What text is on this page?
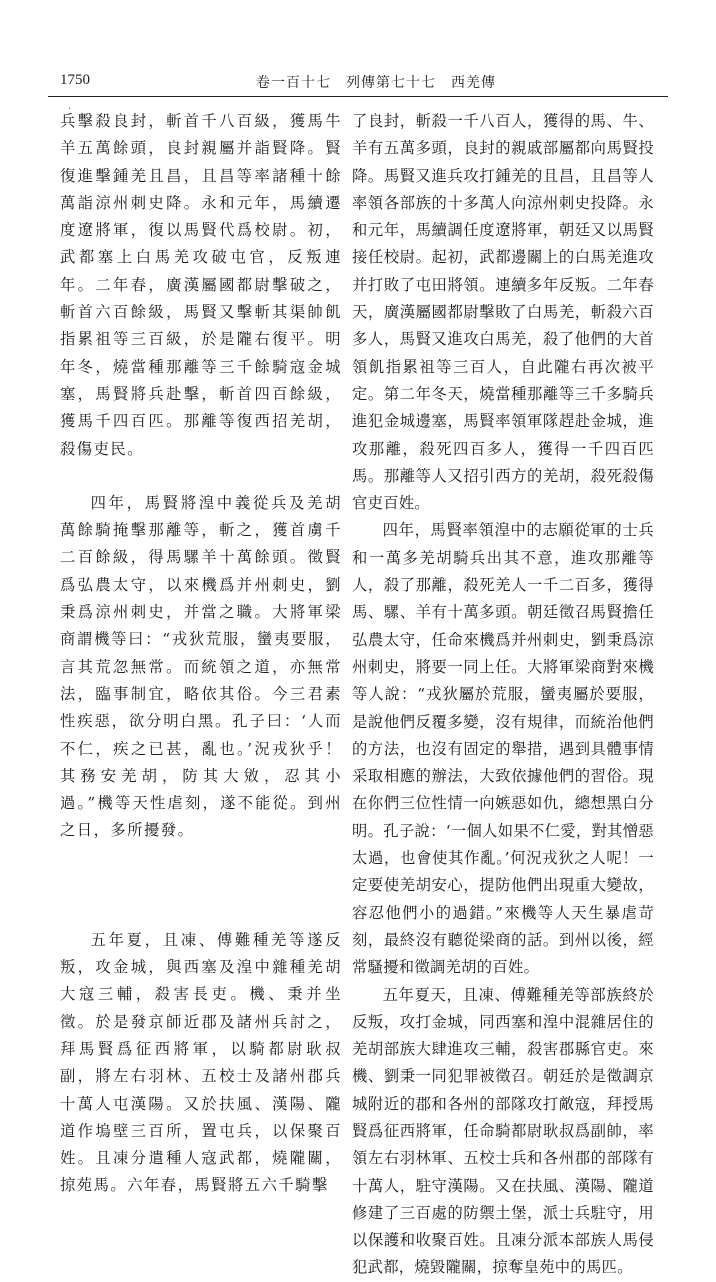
1750	卷一百十七　列傳第七十七　西羌傳
·

兵擊殺良封，斬首千八百級，獲馬牛羊五萬餘頭，良封親屬并詣賢降。賢復進擊鍾羌且昌，且昌等率諸種十餘萬詣涼州刺史降。永和元年，馬續遷度遼將軍，復以馬賢代爲校尉。初，武都塞上白馬羌攻破屯官，反叛連年。二年春，廣漢屬國都尉擊破之，斬首六百餘級，馬賢又擊斬其渠帥飢指累祖等三百級，於是隴右復平。明年冬，燒當種那離等三千餘騎寇金城塞，馬賢將兵赴擊，斬首四百餘級，獲馬千四百匹。那離等復西招羌胡，殺傷吏民。

四年，馬賢將湟中義從兵及羌胡萬餘騎掩擊那離等，斬之，獲首虜千二百餘級，得馬騾羊十萬餘頭。徵賢爲弘農太守，以來機爲并州刺史，劉秉爲涼州刺史，并當之職。大將軍梁商謂機等曰：“戎狄荒服，蠻夷要服，言其荒忽無常。而統領之道，亦無常法，臨事制宜，略依其俗。今三君素性疾惡，欲分明白黑。孔子曰：‘人而不仁，疾之已甚，亂也。’況戎狄乎！其務安羌胡，防其大敓，忍其小過。”機等天性虐刻，遂不能從。到州之日，多所擾發。

五年夏，且凍、傅難種羌等遂反叛，攻金城，與西塞及湟中雜種羌胡大寇三輔，殺害長吏。機、秉并坐徵。於是發京師近郡及諸州兵討之，拜馬賢爲征西將軍，以騎都尉耿叔副，將左右羽林、五校士及諸州郡兵十萬人屯漢陽。又於扶風、漢陽、隴道作塢壁三百所，置屯兵，以保聚百姓。且凍分遣種人寇武都，燒隴關，掠苑馬。六年春，馬賢將五六千騎擊

了良封，斬殺一千八百人，獲得的馬、牛、羊有五萬多頭，良封的親戚部屬都向馬賢投降。馬賢又進兵攻打鍾羌的且昌，且昌等人率領各部族的十多萬人向涼州刺史投降。永和元年，馬續調任度遼將軍，朝廷又以馬賢接任校尉。起初，武都邊關上的白馬羌進攻并打敗了屯田將領。連續多年反叛。二年春天，廣漢屬國都尉擊敗了白馬羌，斬殺六百多人，馬賢又進攻白馬羌，殺了他們的大首領飢指累祖等三百人，自此隴右再次被平定。第二年冬天，燒當種那離等三千多騎兵進犯金城邊塞，馬賢率領軍隊趕赴金城，進攻那離，殺死四百多人，獲得一千四百匹馬。那離等人又招引西方的羌胡，殺死殺傷官吏百姓。

四年，馬賢率領湟中的志願從軍的士兵和一萬多羌胡騎兵出其不意，進攻那離等人，殺了那離，殺死羌人一千二百多，獲得馬、騾、羊有十萬多頭。朝廷徵召馬賢擔任弘農太守，任命來機爲并州刺史，劉秉爲涼州刺史，將要一同上任。大將軍梁商對來機等人說：“戎狄屬於荒服，蠻夷屬於要服，是說他們反覆多變，沒有規律，而統治他們的方法，也沒有固定的舉措，遇到具體事情采取相應的辦法，大致依據他們的習俗。現在你們三位性情一向嫉惡如仇，總想黑白分明。孔子說：‘一個人如果不仁愛，對其憎惡太過，也會使其作亂。’何況戎狄之人呢！一定要使羌胡安心，提防他們出現重大變故，容忍他們小的過錯。”來機等人天生暴虐苛刻，最終沒有聽從梁商的話。到州以後，經常騷擾和徵調羌胡的百姓。

五年夏天，且凍、傅難種羌等部族終於反叛，攻打金城，同西塞和湟中混雜居住的羌胡部族大肆進攻三輔，殺害郡縣官吏。來機、劉秉一同犯罪被徵召。朝廷於是徵調京城附近的郡和各州的部隊攻打敵寇，拜授馬賢爲征西將軍，任命騎都尉耿叔爲副帥，率領左右羽林軍、五校士兵和各州郡的部隊有十萬人，駐守漢陽。又在扶風、漢陽、隴道修建了三百處的防禦土堡，派士兵駐守，用以保護和收聚百姓。且凍分派本部族人馬侵犯武都，燒毀隴關，掠奪皇苑中的馬匹。
